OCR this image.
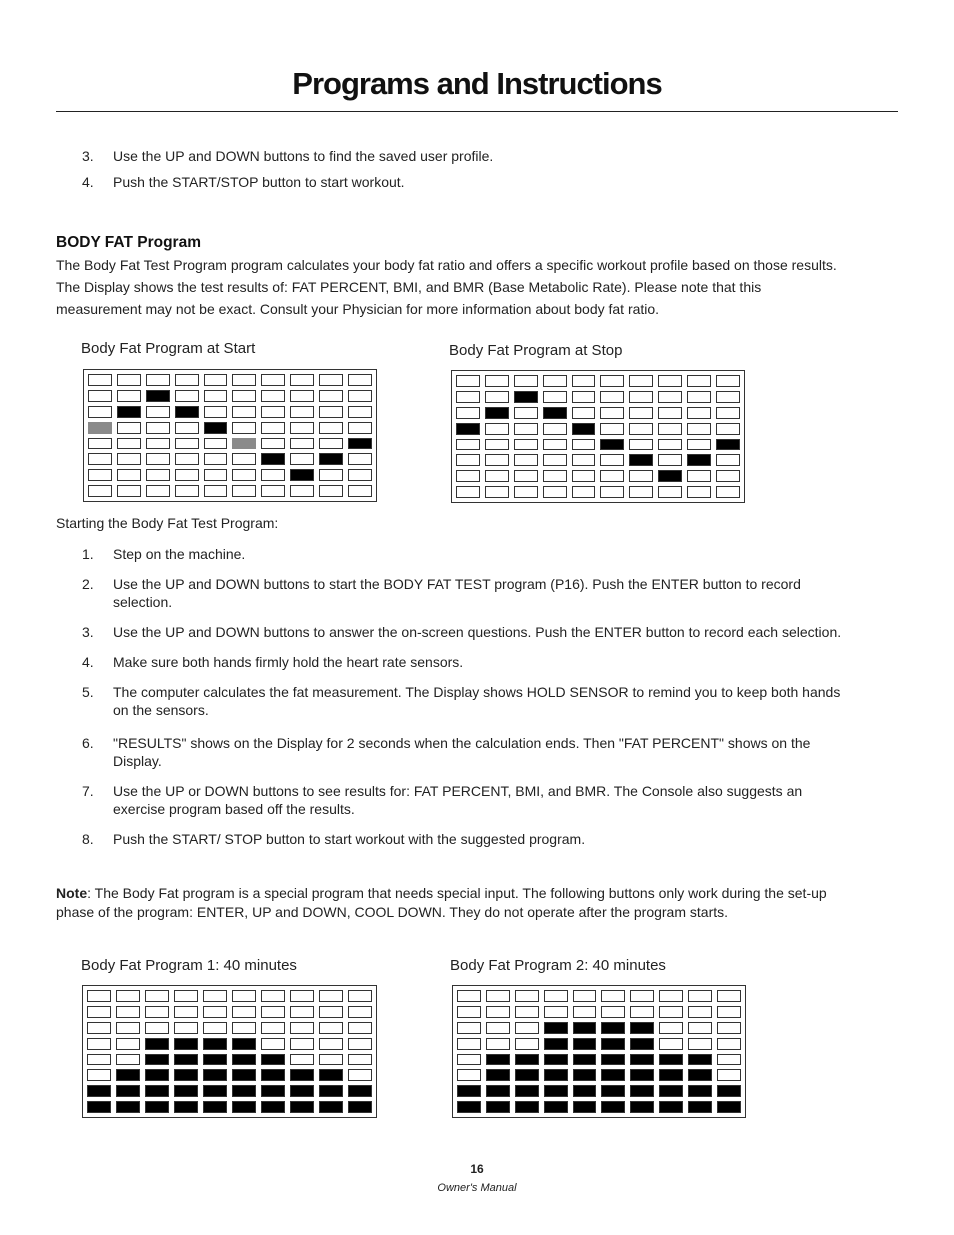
Programs and Instructions
3. Use the UP and DOWN buttons to find the saved user profile.
4. Push the START/STOP button to start workout.
BODY FAT Program

The Body Fat Test Program program calculates your body fat ratio and offers a specific workout profile based on those results. The Display shows the test results of: FAT PERCENT, BMI, and BMR (Base Metabolic Rate). Please note that this measurement may not be exact. Consult your Physician for more information about body fat ratio.

Body Fat Program at Start	Body Fat Program at Stop
Starting the Body Fat Test Program:
1. Step on the machine.
2. Use the UP and DOWN buttons to start the BODY FAT TEST program (P16). Push the ENTER button to record selection.
3. Use the UP and DOWN buttons to answer the on-screen questions. Push the ENTER button to record each selection.
4. Make sure both hands firmly hold the heart rate sensors.
5. The computer calculates the fat measurement. The Display shows HOLD SENSOR to remind you to keep both hands on the sensors.
6. "RESULTS" shows on the Display for 2 seconds when the calculation ends. Then "FAT PERCENT" shows on the Display.
7. Use the UP or DOWN buttons to see results for: FAT PERCENT, BMI, and BMR. The Console also suggests an exercise program based off the results.
8. Push the START/ STOP button to start workout with the suggested program.

Note: The Body Fat program is a special program that needs special input. The following buttons only work during the set-up phase of the program: ENTER, UP and DOWN, COOL DOWN. They do not operate after the program starts.

Body Fat Program 1: 40 minutes	Body Fat Program 2: 40 minutes
16
Owner's Manual
